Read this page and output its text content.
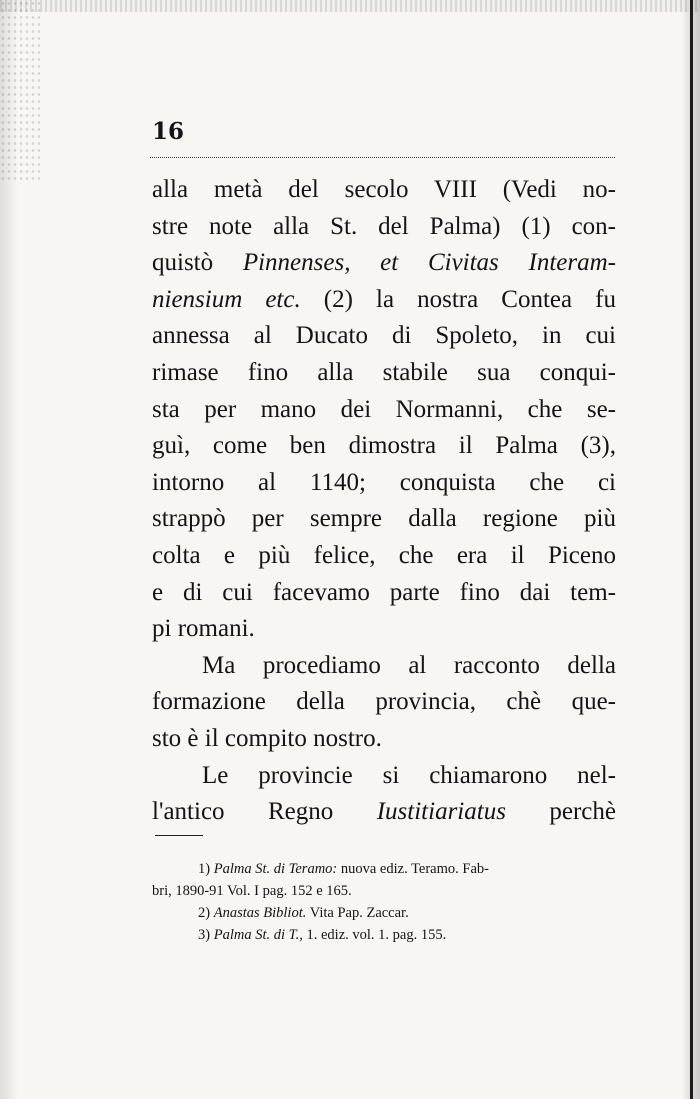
16
alla metà del secolo VIII (Vedi no-
stre note alla St. del Palma) (1) con-
quistò Pinnenses, et Civitas Interam-
niensium etc. (2) la nostra Contea fu
annessa al Ducato di Spoleto, in cui
rimase fino alla stabile sua conqui-
sta per mano dei Normanni, che se-
guì, come ben dimostra il Palma (3),
intorno al 1140; conquista che ci
strappò per sempre dalla regione più
colta e più felice, che era il Piceno
e di cui facevamo parte fino dai tem-
pi romani.
Ma procediamo al racconto della
formazione della provincia, chè que-
sto è il compito nostro.
Le provincie si chiamarono nel-
l'antico Regno Iustitiariatus perchè
1) Palma St. di Teramo: nuova ediz. Teramo. Fab-
bri, 1890-91 Vol. I pag. 152 e 165.
2) Anastas Bibliot. Vita Pap. Zaccar.
3) Palma St. di T., 1. ediz. vol. 1. pag. 155.
